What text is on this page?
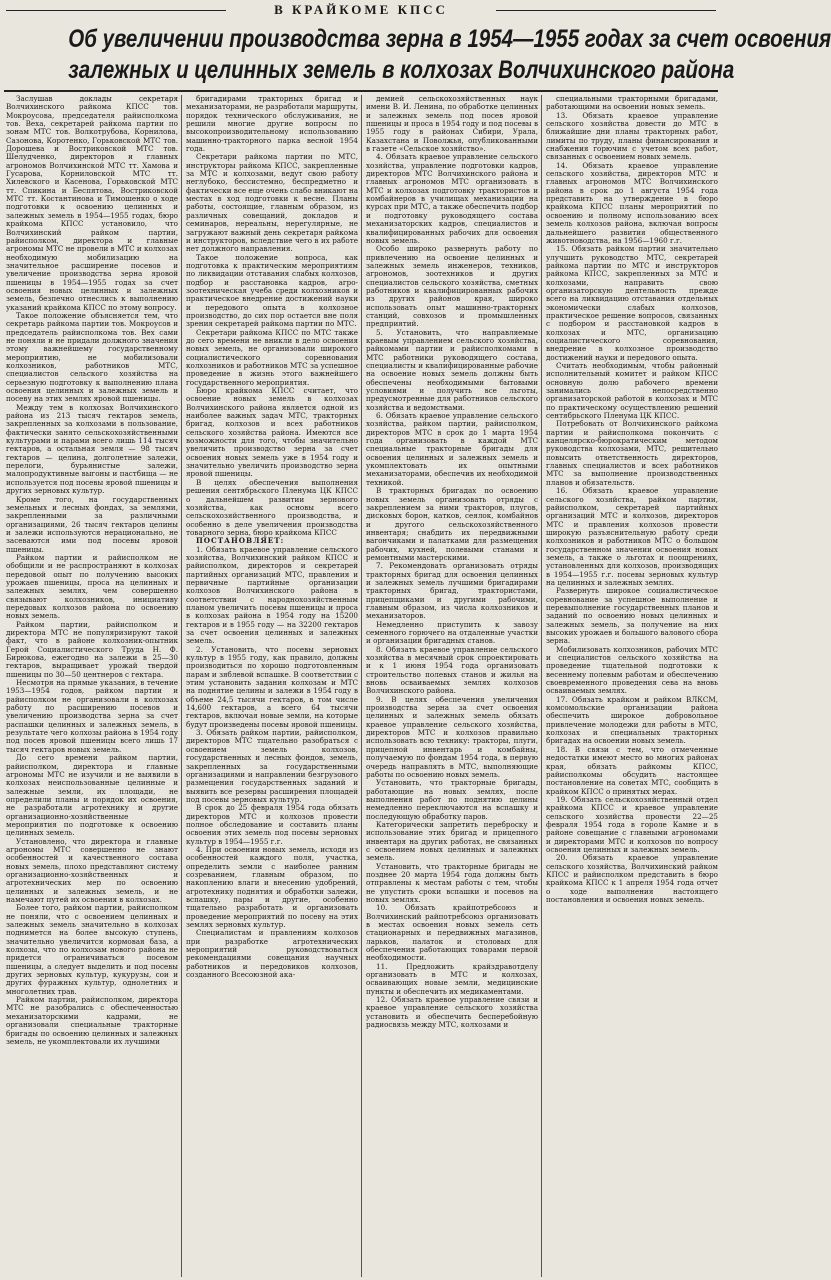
В КРАЙКОМЕ КПСС
Об увеличении производства зерна в 1954—1955 годах за счет освоения
залежных и целинных земель в колхозах Волчихинского района

Заслушав доклады секретаря Волчихинского райкома КПСС тов. Мокроусова, председателя райисполкома тов. Веха, секретарей райкома партии по зонам МТС тов. Волкотрубова, Корнилова, Сазонова, Коротенко, Горьковской МТС тов. Дорошева и Востриковской МТС тов. Шелудченко, директоров и главных агрономов Волчихинской МТС тт. Хамова и Гусарова, Корниловской МТС тт. Хилевского и Касенова, Горьковской МТС тт. Спикина и Беспятова, Востриковской МТС тт. Костантинова и Тимошенко о ходе подготовки к освоению целинных и залежных земель в 1954—1955 годах, бюро крайкома КПСС установило, что Волчихинский райком партии, райисполком, директора и главные агрономы МТС не провели в МТС и колхозах необходимую мобилизацию на значительное расширение посевов и увеличение производства зерна яровой пшеницы в 1954—1955 годах за счет освоения новых целинных и залежных земель, безпечно отнеслись к выполнению указаний крайкома КПСС по этому вопросу.

Такое положение объясняется тем, что секретарь райкома партии тов. Мокроусов и председатель райисполкома тов. Вех сами не поняли и не придали должного значения этому важнейшему государственному мероприятию, не мобилизовали колхозников, работников МТС, специалистов сельского хозяйства на серьезную подготовку к выполнению плана освоения целинных и залежных земель и посеву на этих землях яровой пшеницы.

Между тем в колхозах Волчихинского района из 213 тысяч гектаров земель, закрепленных за колхозами в пользование, фактически занято сельскохозяйственными культурами и парами всего лишь 114 тысяч гектаров, а остальная земля — 98 тысяч гектаров — целина, долголетние залежи, перелоги, бурьянистые залежи, малопродуктивные выгоны и пастбища — не используется под посевы яровой пшеницы и других зерновых культур.

Кроме того, на государственных земельных и лесных фондах, за землями, закрепленными за различными организациями, 26 тысяч гектаров целины и залежи используются нерационально, не засеваются ими под посевы яровой пшеницы.

Райком партии и райисполком не обобщили и не распространяют в колхозах передовой опыт по получению высоких урожаев пшеницы, проса на целинных и залежных землях, чем совершенно связывают колхозников, инициативу передовых колхозов района по освоению новых земель.

Райком партии, райисполком и директора МТС не популяризируют такой факт, что в районе колхозник-опытник Герой Социалистического Труда Н. Ф. Бирюкова, ежегодно на залежи в 25—30 гектаров, выращивает урожай твердой пшеницы по 30—50 центнеров с гектара.

Несмотря на прямые указания, в течение 1953—1954 годов, райком партии и райисполком не организовали в колхозах работу по расширению посевов и увеличению производства зерна за счет распашки целинных и залежных земель, в результате чего колхозы района в 1954 году под посев яровой пшеницы всего лишь 17 тысяч гектаров новых земель.

До сего времени райком партии, райисполком, директора и главные агрономы МТС не изучили и не выявили в колхозах неиспользованные целинные и залежные земли, их площади, не определили планы и порядок их освоения, не разработали агротехнику и другие организационно-хозяйственные мероприятия по подготовке к освоению целинных земель.

Установлено, что директора и главные агрономы МТС совершенно не знают особенностей и качественного состава новых земель, плохо представляют систему организационно-хозяйственных и агротехнических мер по освоению целинных и залежных земель, и не намечают путей их освоения в колхозах.

Более того, райком партии, райисполком не поняли, что с освоением целинных и залежных земель значительно в колхозах поднимется на более высокую ступень, значительно увеличится кормовая база, а колхозы, что по колхозам нового района не придется ограничиваться посевом пшеницы, а следует выделить и под посевы других зерновых культур, кукурузы, сои и других фуражных культур, однолетних и многолетних трав.

Райком партии, райисполком, директора МТС не разобрались с обеспеченностью механизаторскими кадрами, не организовали специальные тракторные бригады по освоению целинных и залежных земель, не укомплектовали их лучшими

бригадирами тракторных бригад и механизаторами, не разработали маршруты, порядок технического обслуживания, не решили многие другие вопросы по высокопроизводительному использованию машинно-тракторного парка весной 1954 года.

Секретари райкома партии по МТС, инструкторы райкома КПСС, закрепленные за МТС и колхозами, ведут свою работу неглубоко, бессистемно, беспредметно и фактически все еще очень слабо вникают на местах в ход подготовки к весне. Планы работы, состоящие, главным образом, из различных совещаний, докладов и семинаров, нереальны, нерегулярные, не загружают важный день секретаря райкома и инструкторов, вследствие чего в их работе нет должного направления.

Такое положение вопроса, как подготовка к практическим мероприятиям по ликвидации отставания слабых колхозов, подбор и расстановка кадров, агро-зоотехническая учеба среди колхозников и практическое внедрение достижений науки и передового опыта в колхозное производство, до сих пор остается вне поля зрения секретарей райкома партии по МТС.

Секретари райкома КПСС по МТС также до сего времени не вникли в дело освоения новых земель, не организовали широкого социалистического соревнования колхозников и работников МТС за успешное проведение в жизнь этого важнейшего государственного мероприятия.

Бюро крайкома КПСС считает, что освоение новых земель в колхозах Волчихинского района является одной из наиболее важных задач МТС, тракторных бригад, колхозов и всех работников сельского хозяйства района. Имеются все возможности для того, чтобы значительно увеличить производство зерна за счет освоения новых земель уже в 1954 году и значительно увеличить производство зерна яровой пшеницы.

В целях обеспечения выполнения решения сентябрьского Пленума ЦК КПСС о дальнейшем развитии зернового хозяйства, как основы всего сельскохозяйственного производства, и особенно в деле увеличения производства товарного зерна, бюро крайкома КПСС

ПОСТАНОВЛЯЕТ:

1. Обязать краевое управление сельского хозяйства, Волчихинский райком КПСС и райисполком, директоров и секретарей партийных организаций МТС, правления и первичные партийные организации колхозов Волчихинского района в соответствии с народнохозяйственным планом увеличить посевы пшеницы и проса в колхозах района в 1954 году на 15200 гектаров и в 1955 году — на 32200 гектаров за счет освоения целинных и залежных земель.

2. Установить, что посевы зерновых культур в 1955 году, как правило, должны производиться по хорошо подготовленным парам и зяблевой вспашке. В соответствии с этим установить задания колхозам и МТС на поднятие целины и залежи в 1954 году в объеме 24,5 тысячи гектаров, в том числе 14,600 гектаров, а всего 64 тысячи гектаров, включая новые земли, на которые будут произведены посевы яровой пшеницы.

3. Обязать райком партии, райисполком, директоров МТС тщательно разобраться с освоением земель колхозов, государственных и лесных фондов, земель, закрепленных за государственными организациями и направлении безгрузового размещения государственных заданий и выявить все резервы расширения площадей под посевы зерновых культур.

В срок до 25 февраля 1954 года обязать директоров МТС и колхозов провести полное обследование и составить планы освоения этих земель под посевы зерновых культур в 1954—1955 г.г.

4. При освоении новых земель, исходя из особенностей каждого поля, участка, определить земли с наиболее ранним созреванием, главным образом, по накоплению влаги и внесению удобрений, агротехнику поднятия и обработки залежи, вспашку, пары и другие, особенно тщательно разработать и организовать проведение мероприятий по посеву на этих землях зерновых культур.

Специалистам и правлениям колхозов при разработке агротехнических мероприятий руководствоваться рекомендациями совещания научных работников и передовиков колхозов, созданного Всесоюзной ака-

демией сельскохозяйственных наук имени В. И. Ленина, по обработке целинных и залежных земель под посев яровой пшеницы и проса в 1954 году и под посевы в 1955 году в районах Сибири, Урала, Казахстана и Поволжья, опубликованными в газете «Сельское хозяйство».

4. Обязать краевое управление сельского хозяйства, управление подготовки кадров, директоров МТС Волчихинского района и главных агрономов МТС организовать в МТС и колхозах подготовку трактористов и комбайнеров в училищах механизации на курсах при МТС, а также обеспечить подбор и подготовку руководящего состава механизаторских кадров, специалистов и квалифицированных рабочих для освоения новых земель.

Особо широко развернуть работу по привлечению на освоение целинных и залежных земель инженеров, техников, агрономов, зоотехников и других специалистов сельского хозяйства, сметных работников и квалифицированных рабочих из других районов края, широко использовать опыт машинно-тракторных станций, совхозов и промышленных предприятий.

5. Установить, что направляемые краевым управлением сельского хозяйства, райкомами партии и райисполкомами в МТС работники руководящего состава, специалисты и квалифицированные рабочие на освоение новых земель должны быть обеспечены необходимыми бытовыми условиями и получить все льготы, предусмотренные для работников сельского хозяйства и ведомствами.

6. Обязать краевое управление сельского хозяйства, райком партии, райисполком, директоров МТС в срок до 1 марта 1954 года организовать в каждой МТС специальные тракторные бригады для освоения целинных и залежных земель и укомплектовать их опытными механизаторами, обеспечив их необходимой техникой.

В тракторных бригадах по освоению новых земель организовать отряды с закреплением за ними тракторов, плугов, дисковых борон, катков, сеялок, комбайнов и другого сельскохозяйственного инвентаря; снабдить их передвижными вагончиками и палатками для размещения рабочих, кухней, полевыми станами и ремонтными мастерскими.

7. Рекомендовать организовать отряды тракторных бригад для освоения целинных и залежных земель лучшими бригадирами тракторных бригад, трактористами, прицепщиками и другими рабочими, главным образом, из числа колхозников и механизаторов.

Немедленно приступить к завозу семенного горючего на отдаленные участки и организации бригадных станов.

8. Обязать краевое управление сельского хозяйства в месячный срок спроектировать и к 1 июня 1954 года организовать строительство полевых станов и жилья на вновь осваиваемых землях колхозов Волчихинского района.

9. В целях обеспечения увеличения производства зерна за счет освоения целинных и залежных земель обязать краевое управление сельского хозяйства, директоров МТС и колхозов правильно использовать всю технику: тракторы, плуги, прицепной инвентарь и комбайны, получаемую по фондам 1954 года, в первую очередь направлять в МТС, выполняющие работы по освоению новых земель.

Установить, что тракторные бригады, работающие на новых землях, после выполнения работ по поднятию целины немедленно переключаются на вспашку и последующую обработку паров.

Категорически запретить переброску и использование этих бригад и прицепного инвентаря на других работах, не связанных с освоением новых целинных и залежных земель.

Установить, что тракторные бригады не позднее 20 марта 1954 года должны быть отправлены к местам работы с тем, чтобы не упустить сроки вспашки и посевов на новых землях.

10. Обязать крайпотребсоюз и Волчихинский райпотребсоюз организовать в местах освоения новых земель сеть стационарных и передвижных магазинов, ларьков, палаток и столовых для обеспечения работающих товарами первой необходимости.

11. Предложить крайздравотделу организовать в МТС и колхозах, осваивающих новые земли, медицинские пункты и обеспечить их медикаментами.

12. Обязать краевое управление связи и краевое управление сельского хозяйства установить и обеспечить бесперебойную радиосвязь между МТС, колхозами и

специальными тракторными бригадами, работающими на освоении новых земель.

13. Обязать краевое управление сельского хозяйства довести до МТС в ближайшие дни планы тракторных работ, лимиты по труду, планы финансирования и снабжения горючим с учетом всех работ, связанных с освоением новых земель.

14. Обязать краевое управление сельского хозяйства, директоров МТС и главных агрономов МТС Волчихинского района в срок до 1 августа 1954 года представить на утверждение в бюро крайкома КПСС планы мероприятий по освоению и полному использованию всех земель колхозов района, включая вопросы дальнейшего развития общественного животноводства, на 1956—1960 г.г.

15. Обязать райком партии значительно улучшить руководство МТС, секретарей райкома партии по МТС и инструкторов райкома КПСС, закрепленных за МТС и колхозами, направить свою организаторскую деятельность прежде всего на ликвидацию отставания отдельных экономически слабых колхозов, практическое решение вопросов, связанных с подбором и расстановкой кадров в колхозах и МТС, организацию социалистического соревнования, внедрение в колхозное производство достижений науки и передового опыта.

Считать необходимым, чтобы районный исполнительный комитет и райком КПСС основную долю рабочего времени занимались непосредственно организаторской работой в колхозах и МТС по практическому осуществлению решений сентябрьского Пленума ЦК КПСС.

Потребовать от Волчихинского райкома партии и райисполкома покончить с канцелярско-бюрократическим методом руководства колхозами, МТС, решительно повысить ответственность директоров, главных специалистов и всех работников МТС за выполнение производственных планов и обязательств.

16. Обязать краевое управление сельского хозяйства, райком партии, райисполком, секретарей партийных организаций МТС и колхозов, директоров МТС и правления колхозов провести широкую разъяснительную работу среди колхозников и работников МТС о большом государственном значении освоения новых земель, а также о льготах и поощрениях, установленных для колхозов, производящих в 1954—1955 г.г. посевы зерновых культур на целинных и залежных землях.

Развернуть широкое социалистическое соревнование за успешное выполнение и перевыполнение государственных планов и заданий по освоению новых целинных и залежных земель, за получение на них высоких урожаев и большого валового сбора зерна.

Мобилизовать колхозников, рабочих МТС и специалистов сельского хозяйства на проведение тщательной подготовки к весеннему полевым работам и обеспечению своевременного проведения сева на вновь осваиваемых землях.

17. Обязать крайком и райком ВЛКСМ, комсомольские организации района обеспечить широкое добровольное привлечение молодежи для работы в МТС, колхозах и специальных тракторных бригадах на освоении новых земель.

18. В связи с тем, что отмеченные недостатки имеют место во многих районах края, обязать райкомы КПСС, райисполкомы обсудить настоящее постановление на советах МТС, сообщить в крайком КПСС о принятых мерах.

19. Обязать сельскохозяйственный отдел крайкома КПСС и краевое управление сельского хозяйства провести 22—25 февраля 1954 года в гороле Камне и в районе совещание с главными агрономами и директорами МТС и колхозов по вопросу освоения целинных и залежных земель.

20. Обязать краевое управление сельского хозяйства, Волчихинский райком КПСС и райисполком представить в бюро крайкома КПСС к 1 апреля 1954 года отчет о ходе выполнения настоящего постановления и освоения новых земель.
